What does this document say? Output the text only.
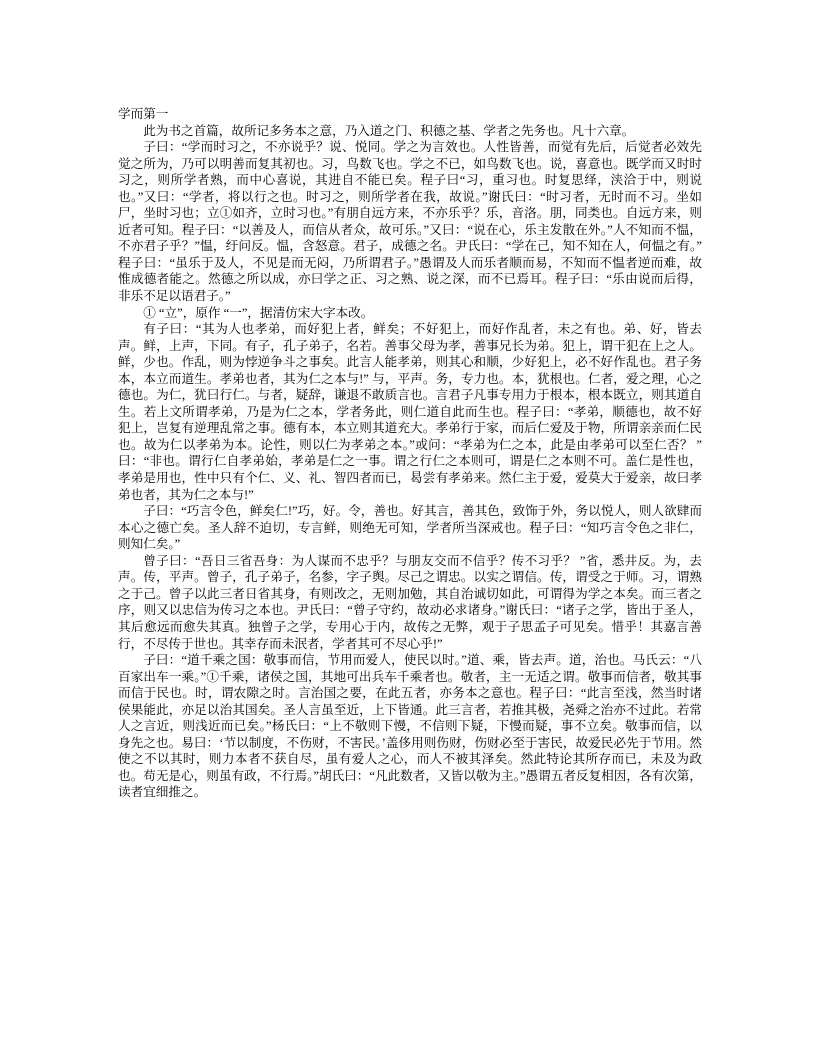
学而第一

此为书之首篇，故所记多务本之意，乃入道之门、积德之基、学者之先务也。凡十六章。

子曰：“学而时习之，不亦说乎？说、悦同。学之为言效也。人性皆善，而觉有先后，后觉者必效先觉之所为，乃可以明善而复其初也。习，鸟数飞也。学之不已，如鸟数飞也。说，喜意也。既学而又时时习之，则所学者熟，而中心喜说，其进自不能已矣。程子曰“习，重习也。时复思绎，浃洽于中，则说也。”又曰：“学者，将以行之也。时习之，则所学者在我，故说。”谢氏曰：“时习者，无时而不习。坐如尸，坐时习也；立①如齐，立时习也。”有朋自远方来，不亦乐乎？乐，音洛。朋，同类也。自远方来，则近者可知。程子曰：“以善及人，而信从者众，故可乐。”又曰：“说在心，乐主发散在外。”人不知而不愠，不亦君子乎？”愠，纡问反。愠，含怒意。君子，成德之名。尹氏曰：“学在己，知不知在人，何愠之有。”程子曰：“虽乐于及人，不见是而无闷，乃所谓君子。”愚谓及人而乐者顺而易，不知而不愠者逆而难，故惟成德者能之。然德之所以成，亦曰学之正、习之熟、说之深，而不已焉耳。程子曰：“乐由说而后得，非乐不足以语君子。”

① “立”，原作 “一”，据清仿宋大字本改。

有子曰：“其为人也孝弟，而好犯上者，鲜矣；不好犯上，而好作乱者，未之有也。弟、好，皆去声。鲜，上声，下同。有子，孔子弟子，名若。善事父母为孝，善事兄长为弟。犯上，谓干犯在上之人。鲜，少也。作乱，则为悖逆争斗之事矣。此言人能孝弟，则其心和顺，少好犯上，必不好作乱也。君子务本，本立而道生。孝弟也者，其为仁之本与!” 与，平声。务，专力也。本，犹根也。仁者，爱之理，心之德也。为仁，犹曰行仁。与者，疑辞，谦退不敢质言也。言君子凡事专用力于根本，根本既立，则其道自生。若上文所谓孝弟，乃是为仁之本，学者务此，则仁道自此而生也。程子曰：“孝弟，顺德也，故不好犯上，岂复有逆理乱常之事。德有本，本立则其道充大。孝弟行于家，而后仁爱及于物，所谓亲亲而仁民也。故为仁以孝弟为本。论性，则以仁为孝弟之本。”或问：“孝弟为仁之本，此是由孝弟可以至仁否？ ”曰：“非也。谓行仁自孝弟始，孝弟是仁之一事。谓之行仁之本则可，谓是仁之本则不可。盖仁是性也，孝弟是用也，性中只有个仁、义、礼、智四者而已，曷尝有孝弟来。然仁主于爱，爱莫大于爱亲，故曰孝弟也者，其为仁之本与!”

子曰：“巧言令色，鲜矣仁!”巧，好。令，善也。好其言，善其色，致饰于外，务以悦人，则人欲肆而本心之德亡矣。圣人辞不迫切，专言鲜，则绝无可知，学者所当深戒也。程子曰：“知巧言令色之非仁，则知仁矣。”

曾子曰：“吾日三省吾身：为人谋而不忠乎？与朋友交而不信乎？传不习乎？ ”省，悉井反。为，去声。传，平声。曾子，孔子弟子，名参，字子舆。尽己之谓忠。以实之谓信。传，谓受之于师。习，谓熟之于己。曾子以此三者日省其身，有则改之，无则加勉，其自治诚切如此，可谓得为学之本矣。而三者之序，则又以忠信为传习之本也。尹氏曰：“曾子守约，故动必求诸身。”谢氏曰：“诸子之学，皆出于圣人，其后愈远而愈失其真。独曾子之学，专用心于内，故传之无弊，观于子思孟子可见矣。惜乎！其嘉言善行，不尽传于世也。其幸存而未泯者，学者其可不尽心乎!”

子曰：“道千乘之国：敬事而信，节用而爱人，使民以时。”道、乘，皆去声。道，治也。马氏云：“八百家出车一乘。”①千乘，诸侯之国，其地可出兵车千乘者也。敬者，主一无适之谓。敬事而信者，敬其事而信于民也。时，谓农隙之时。言治国之要，在此五者，亦务本之意也。程子曰：“此言至浅，然当时诸侯果能此，亦足以治其国矣。圣人言虽至近，上下皆通。此三言者，若推其极，尧舜之治亦不过此。若常人之言近，则浅近而已矣。”杨氏曰：“上不敬则下慢，不信则下疑，下慢而疑，事不立矣。敬事而信，以身先之也。易曰：‘节以制度，不伤财，不害民。’盖侈用则伤财，伤财必至于害民，故爱民必先于节用。然使之不以其时，则力本者不获自尽，虽有爱人之心，而人不被其泽矣。然此特论其所存而已，未及为政也。苟无是心，则虽有政，不行焉。”胡氏曰：“凡此数者，又皆以敬为主。”愚谓五者反复相因，各有次第，读者宜细推之。
